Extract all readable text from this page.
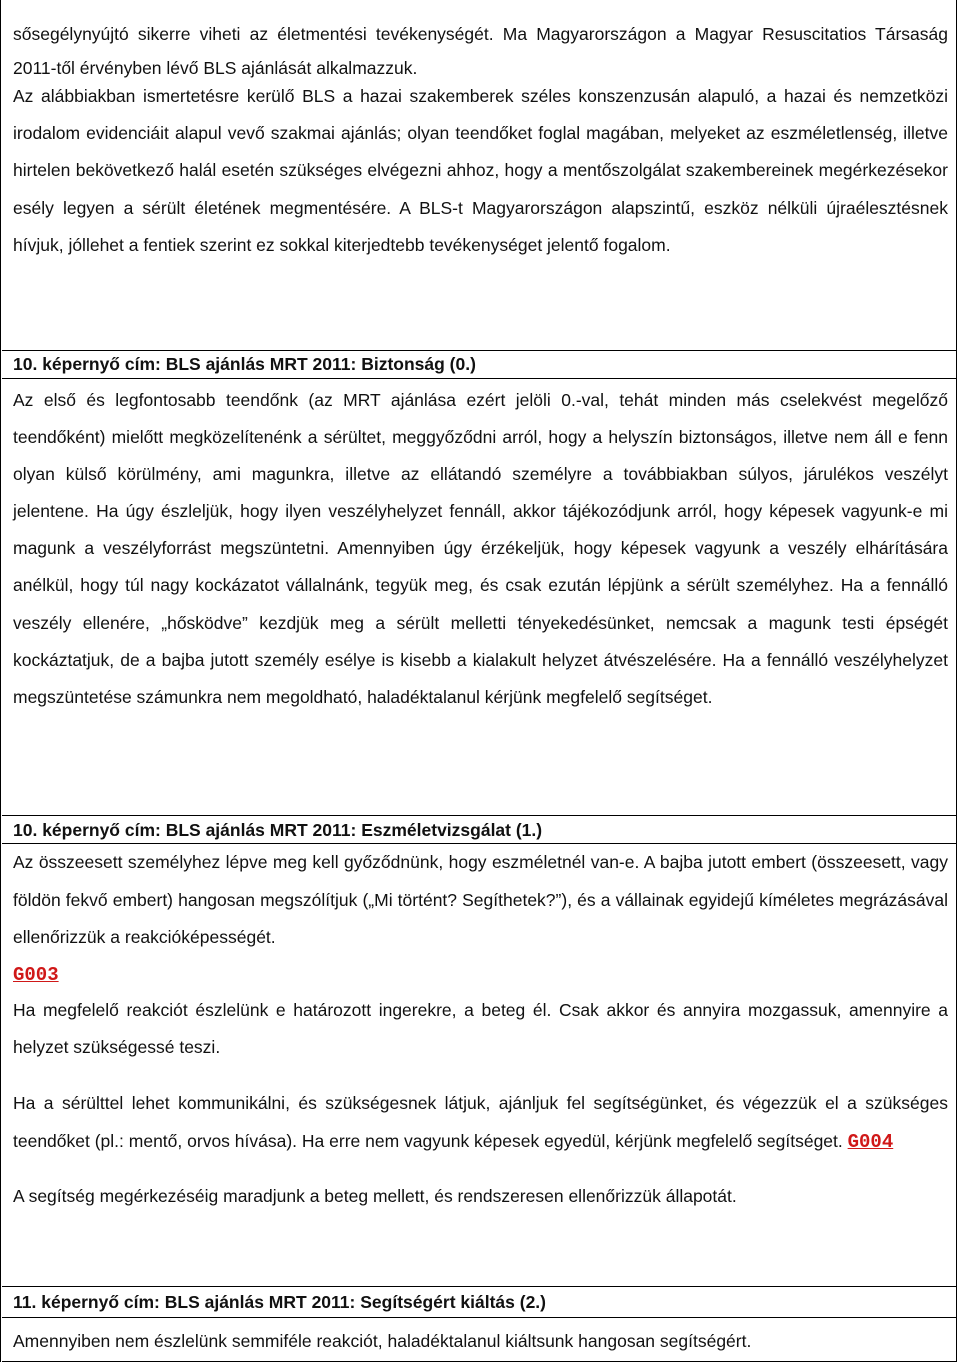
sősegélynyújtó sikerre viheti az életmentési tevékenységét. Ma Magyarországon a Magyar Resuscitatios Társaság 2011-től érvényben lévő BLS ajánlását alkalmazzuk.

Az alábbiakban ismertetésre kerülő BLS a hazai szakemberek széles konszenzusán alapuló, a hazai és nemzetközi irodalom evidenciáit alapul vevő szakmai ajánlás; olyan teendőket foglal magában, melyeket az eszméletlenség, illetve hirtelen bekövetkező halál esetén szükséges elvégezni ahhoz, hogy a mentőszolgálat szakembereinek megérkezésekor esély legyen a sérült életének megmentésére. A BLS-t Magyarországon alapszintű, eszköz nélküli újraélesztésnek hívjuk, jóllehet a fentiek szerint ez sokkal kiterjedtebb tevékenységet jelentő fogalom.

10. képernyő cím: BLS ajánlás MRT 2011: Biztonság (0.)

Az első és legfontosabb teendőnk (az MRT ajánlása ezért jelöli 0.-val, tehát minden más cselekvést megelőző teendőként) mielőtt megközelítenénk a sérültet, meggyőződni arról, hogy a helyszín biztonságos, illetve nem áll e fenn olyan külső körülmény, ami magunkra, illetve az ellátandó személyre a továbbiakban súlyos, járulékos veszélyt jelentene. Ha úgy észleljük, hogy ilyen veszélyhelyzet fennáll, akkor tájékozódjunk arról, hogy képesek vagyunk-e mi magunk a veszélyforrást megszüntetni. Amennyiben úgy érzékeljük, hogy képesek vagyunk a veszély elhárítására anélkül, hogy túl nagy kockázatot vállalnánk, tegyük meg, és csak ezután lépjünk a sérült személyhez. Ha a fennálló veszély ellenére, „hősködve” kezdjük meg a sérült melletti tényekedésünket, nemcsak a magunk testi épségét kockáztatjuk, de a bajba jutott személy esélye is kisebb a kialakult helyzet átvészelésére. Ha a fennálló veszélyhelyzet megszüntetése számunkra nem megoldható, haladéktalanul kérjünk megfelelő segítséget.

10. képernyő cím: BLS ajánlás MRT 2011: Eszméletvizsgálat (1.)

Az összeesett személyhez lépve meg kell győződnünk, hogy eszméletnél van-e. A bajba jutott embert (összeesett, vagy földön fekvő embert) hangosan megszólítjuk („Mi történt? Segíthetek?”), és a vállainak egyidejű kíméletes megrázásával ellenőrizzük a reakcióképességét.

G003

Ha megfelelő reakciót észlelünk e határozott ingerekre, a beteg él. Csak akkor és annyira mozgassuk, amennyire a helyzet szükségessé teszi.

Ha a sérülttel lehet kommunikálni, és szükségesnek látjuk, ajánljuk fel segítségünket, és végezzük el a szükséges teendőket (pl.: mentő, orvos hívása). Ha erre nem vagyunk képesek egyedül, kérjünk megfelelő segítséget. G004

A segítség megérkezéséig maradjunk a beteg mellett, és rendszeresen ellenőrizzük állapotát.

11. képernyő cím: BLS ajánlás MRT 2011: Segítségért kiáltás (2.)

Amennyiben nem észlelünk semmiféle reakciót, haladéktalanul kiáltsunk hangosan segítségért.
